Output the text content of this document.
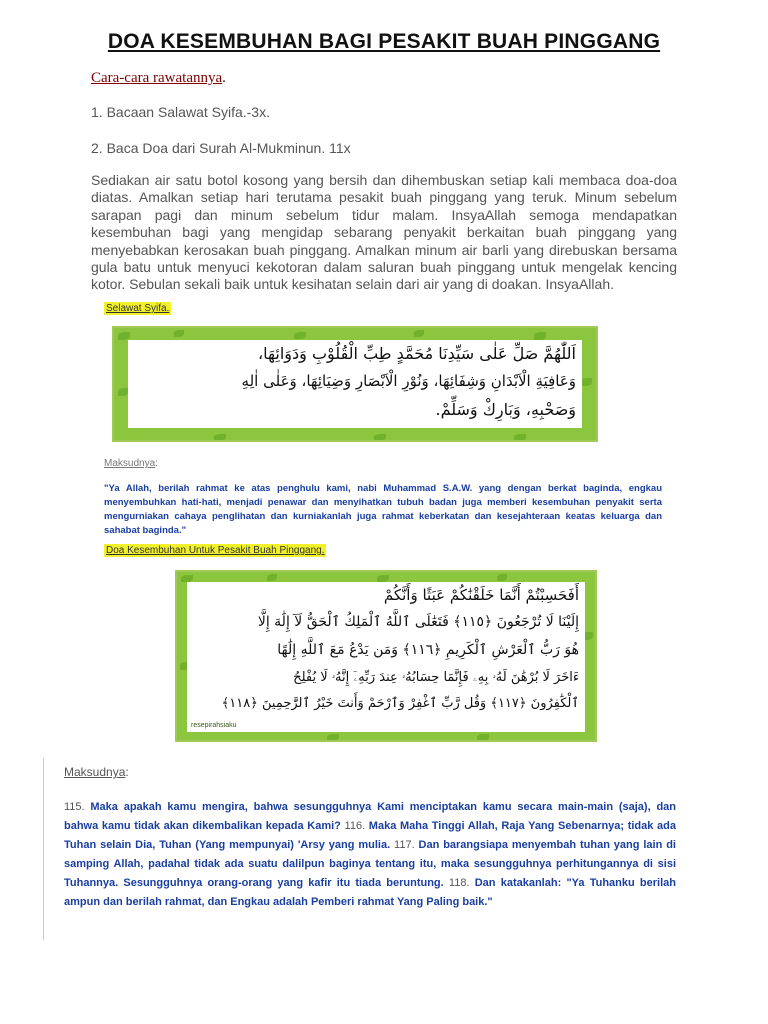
DOA KESEMBUHAN BAGI PESAKIT BUAH PINGGANG
Cara-cara rawatannya.
1. Bacaan Salawat Syifa.-3x.
2. Baca Doa dari Surah Al-Mukminun. 11x

Sediakan air satu botol kosong yang bersih dan dihembuskan setiap kali membaca doa-doa diatas. Amalkan setiap hari terutama pesakit buah pinggang yang teruk. Minum sebelum sarapan pagi dan minum sebelum tidur malam. InsyaAllah semoga mendapatkan kesembuhan bagi yang mengidap sebarang penyakit berkaitan buah pinggang yang menyebabkan kerosakan buah pinggang. Amalkan minum air barli yang direbuskan bersama gula batu untuk menyuci kekotoran dalam saluran buah pinggang untuk mengelak kencing kotor. Sebulan sekali baik untuk kesihatan selain dari air yang di doakan. InsyaAllah.

Selawat Syifa.
اَللّٰهُمَّ صَلِّ عَلٰى سَيِّدِنَا مُحَمَّدٍ طِبِّ الْقُلُوْبِ وَدَوَائِهَا،
وَعَافِيَةِ الْاَبْدَانِ وَشِفَائِهَا، وَنُوْرِ الْاَبْصَارِ وَضِيَائِهَا، وَعَلٰى اٰلِهِ
وَصَحْبِهِ، وَبَارِكْ وَسَلِّمْ.
Maksudnya:

"Ya Allah, berilah rahmat ke atas penghulu kami, nabi Muhammad S.A.W. yang dengan berkat baginda, engkau menyembuhkan hati-hati, menjadi penawar dan menyihatkan tubuh badan juga memberi kesembuhan penyakit serta mengurniakan cahaya penglihatan dan kurniakanlah juga rahmat keberkatan dan kesejahteraan keatas keluarga dan sahabat baginda."

Doa Kesembuhan Untuk Pesakit Buah Pinggang.
أَفَحَسِبْتُمْ أَنَّمَا خَلَقْنَٰكُمْ عَبَثًا وَأَنَّكُمْ
إِلَيْنَا لَا تُرْجَعُونَ ﴿١١٥﴾ فَتَعَٰلَى ٱللَّهُ ٱلْمَلِكُ ٱلْحَقُّ لَآ إِلَٰهَ إِلَّا
هُوَ رَبُّ ٱلْعَرْشِ ٱلْكَرِيمِ ﴿١١٦﴾ وَمَن يَدْعُ مَعَ ٱللَّهِ إِلَٰهًا
ءَاخَرَ لَا بُرْهَٰنَ لَهُۥ بِهِۦ فَإِنَّمَا حِسَابُهُۥ عِندَ رَبِّهِۦٓ إِنَّهُۥ لَا يُفْلِحُ
ٱلْكَٰفِرُونَ ﴿١١٧﴾ وَقُل رَّبِّ ٱغْفِرْ وَٱرْحَمْ وَأَنتَ خَيْرُ ٱلرَّٰحِمِينَ ﴿١١٨﴾
resepirahsiaku
Maksudnya:

115. Maka apakah kamu mengira, bahwa sesungguhnya Kami menciptakan kamu secara main-main (saja), dan bahwa kamu tidak akan dikembalikan kepada Kami? 116. Maka Maha Tinggi Allah, Raja Yang Sebenarnya; tidak ada Tuhan selain Dia, Tuhan (Yang mempunyai) 'Arsy yang mulia. 117. Dan barangsiapa menyembah tuhan yang lain di samping Allah, padahal tidak ada suatu dalilpun baginya tentang itu, maka sesungguhnya perhitungannya di sisi Tuhannya. Sesungguhnya orang-orang yang kafir itu tiada beruntung. 118. Dan katakanlah: "Ya Tuhanku berilah ampun dan berilah rahmat, dan Engkau adalah Pemberi rahmat Yang Paling baik."
